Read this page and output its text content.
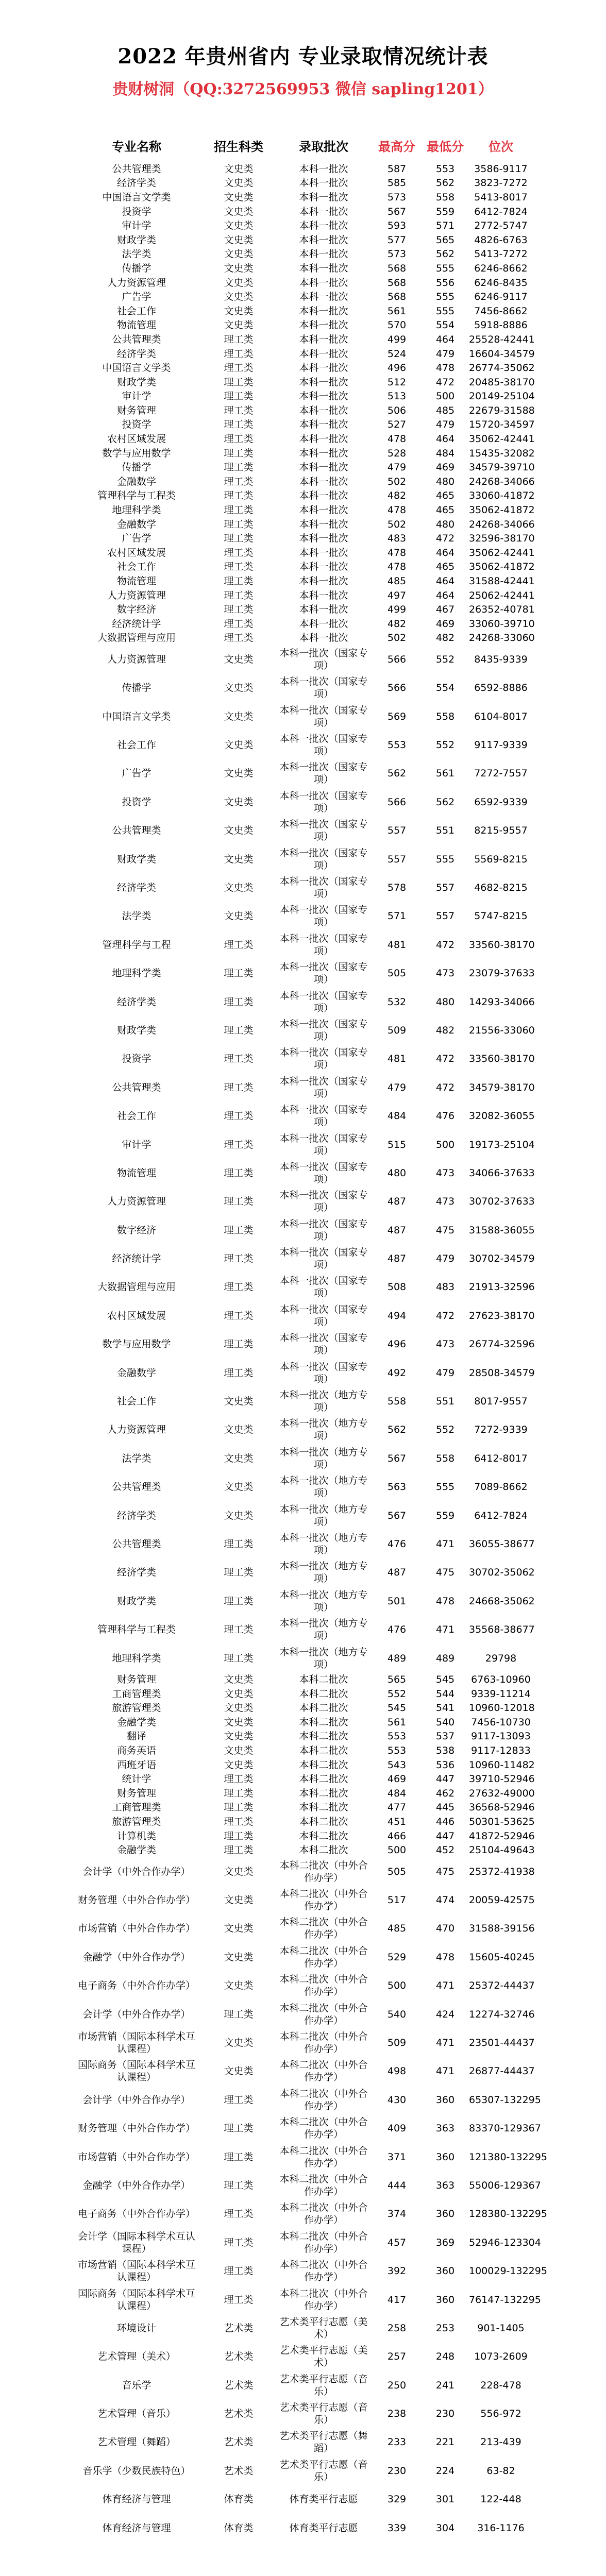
2022 年贵州省内 专业录取情况统计表
贵财树洞（QQ:3272569953 微信 sapling1201）
专业名称	招生科类	录取批次	最高分	最低分	位次
公共管理类	文史类	本科一批次	587	553	3586-9117
经济学类	文史类	本科一批次	585	562	3823-7272
中国语言文学类	文史类	本科一批次	573	558	5413-8017
投资学	文史类	本科一批次	567	559	6412-7824
审计学	文史类	本科一批次	593	571	2772-5747
财政学类	文史类	本科一批次	577	565	4826-6763
法学类	文史类	本科一批次	573	562	5413-7272
传播学	文史类	本科一批次	568	555	6246-8662
人力资源管理	文史类	本科一批次	568	556	6246-8435
广告学	文史类	本科一批次	568	555	6246-9117
社会工作	文史类	本科一批次	561	555	7456-8662
物流管理	文史类	本科一批次	570	554	5918-8886
公共管理类	理工类	本科一批次	499	464	25528-42441
经济学类	理工类	本科一批次	524	479	16604-34579
中国语言文学类	理工类	本科一批次	496	478	26774-35062
财政学类	理工类	本科一批次	512	472	20485-38170
审计学	理工类	本科一批次	513	500	20149-25104
财务管理	理工类	本科一批次	506	485	22679-31588
投资学	理工类	本科一批次	527	479	15720-34597
农村区域发展	理工类	本科一批次	478	464	35062-42441
数学与应用数学	理工类	本科一批次	528	484	15435-32082
传播学	理工类	本科一批次	479	469	34579-39710
金融数学	理工类	本科一批次	502	480	24268-34066
管理科学与工程类	理工类	本科一批次	482	465	33060-41872
地理科学类	理工类	本科一批次	478	465	35062-41872
金融数学	理工类	本科一批次	502	480	24268-34066
广告学	理工类	本科一批次	483	472	32596-38170
农村区域发展	理工类	本科一批次	478	464	35062-42441
社会工作	理工类	本科一批次	478	465	35062-41872
物流管理	理工类	本科一批次	485	464	31588-42441
人力资源管理	理工类	本科一批次	497	464	25062-42441
数字经济	理工类	本科一批次	499	467	26352-40781
经济统计学	理工类	本科一批次	482	469	33060-39710
大数据管理与应用	理工类	本科一批次	502	482	24268-33060
人力资源管理	文史类	本科一批次（国家专项）	566	552	8435-9339
传播学	文史类	本科一批次（国家专项）	566	554	6592-8886
中国语言文学类	文史类	本科一批次（国家专项）	569	558	6104-8017
社会工作	文史类	本科一批次（国家专项）	553	552	9117-9339
广告学	文史类	本科一批次（国家专项）	562	561	7272-7557
投资学	文史类	本科一批次（国家专项）	566	562	6592-9339
公共管理类	文史类	本科一批次（国家专项）	557	551	8215-9557
财政学类	文史类	本科一批次（国家专项）	557	555	5569-8215
经济学类	文史类	本科一批次（国家专项）	578	557	4682-8215
法学类	文史类	本科一批次（国家专项）	571	557	5747-8215
管理科学与工程	理工类	本科一批次（国家专项）	481	472	33560-38170
地理科学类	理工类	本科一批次（国家专项）	505	473	23079-37633
经济学类	理工类	本科一批次（国家专项）	532	480	14293-34066
财政学类	理工类	本科一批次（国家专项）	509	482	21556-33060
投资学	理工类	本科一批次（国家专项）	481	472	33560-38170
公共管理类	理工类	本科一批次（国家专项）	479	472	34579-38170
社会工作	理工类	本科一批次（国家专项）	484	476	32082-36055
审计学	理工类	本科一批次（国家专项）	515	500	19173-25104
物流管理	理工类	本科一批次（国家专项）	480	473	34066-37633
人力资源管理	理工类	本科一批次（国家专项）	487	473	30702-37633
数字经济	理工类	本科一批次（国家专项）	487	475	31588-36055
经济统计学	理工类	本科一批次（国家专项）	487	479	30702-34579
大数据管理与应用	理工类	本科一批次（国家专项）	508	483	21913-32596
农村区域发展	理工类	本科一批次（国家专项）	494	472	27623-38170
数学与应用数学	理工类	本科一批次（国家专项）	496	473	26774-32596
金融数学	理工类	本科一批次（国家专项）	492	479	28508-34579
社会工作	文史类	本科一批次（地方专项）	558	551	8017-9557
人力资源管理	文史类	本科一批次（地方专项）	562	552	7272-9339
法学类	文史类	本科一批次（地方专项）	567	558	6412-8017
公共管理类	文史类	本科一批次（地方专项）	563	555	7089-8662
经济学类	文史类	本科一批次（地方专项）	567	559	6412-7824
公共管理类	理工类	本科一批次（地方专项）	476	471	36055-38677
经济学类	理工类	本科一批次（地方专项）	487	475	30702-35062
财政学类	理工类	本科一批次（地方专项）	501	478	24668-35062
管理科学与工程类	理工类	本科一批次（地方专项）	476	471	35568-38677
地理科学类	理工类	本科一批次（地方专项）	489	489	29798
财务管理	文史类	本科二批次	565	545	6763-10960
工商管理类	文史类	本科二批次	552	544	9339-11214
旅游管理类	文史类	本科二批次	545	541	10960-12018
金融学类	文史类	本科二批次	561	540	7456-10730
翻译	文史类	本科二批次	553	537	9117-13093
商务英语	文史类	本科二批次	553	538	9117-12833
西班牙语	文史类	本科二批次	543	536	10960-11482
统计学	理工类	本科二批次	469	447	39710-52946
财务管理	理工类	本科二批次	484	462	27632-49000
工商管理类	理工类	本科二批次	477	445	36568-52946
旅游管理类	理工类	本科二批次	451	446	50301-53625
计算机类	理工类	本科二批次	466	447	41872-52946
金融学类	理工类	本科二批次	500	452	25104-49643
会计学（中外合作办学）	文史类	本科二批次（中外合作办学）	505	475	25372-41938
财务管理（中外合作办学）	文史类	本科二批次（中外合作办学）	517	474	20059-42575
市场营销（中外合作办学）	文史类	本科二批次（中外合作办学）	485	470	31588-39156
金融学（中外合作办学）	文史类	本科二批次（中外合作办学）	529	478	15605-40245
电子商务（中外合作办学）	文史类	本科二批次（中外合作办学）	500	471	25372-44437
会计学（中外合作办学）	理工类	本科二批次（中外合作办学）	540	424	12274-32746
市场营销（国际本科学术互认课程）	文史类	本科二批次（中外合作办学）	509	471	23501-44437
国际商务（国际本科学术互认课程）	文史类	本科二批次（中外合作办学）	498	471	26877-44437
会计学（中外合作办学）	理工类	本科二批次（中外合作办学）	430	360	65307-132295
财务管理（中外合作办学）	理工类	本科二批次（中外合作办学）	409	363	83370-129367
市场营销（中外合作办学）	理工类	本科二批次（中外合作办学）	371	360	121380-132295
金融学（中外合作办学）	理工类	本科二批次（中外合作办学）	444	363	55006-129367
电子商务（中外合作办学）	理工类	本科二批次（中外合作办学）	374	360	128380-132295
会计学（国际本科学术互认课程）	理工类	本科二批次（中外合作办学）	457	369	52946-123304
市场营销（国际本科学术互认课程）	理工类	本科二批次（中外合作办学）	392	360	100029-132295
国际商务（国际本科学术互认课程）	理工类	本科二批次（中外合作办学）	417	360	76147-132295
环境设计	艺术类	艺术类平行志愿（美术）	258	253	901-1405
艺术管理（美术）	艺术类	艺术类平行志愿（美术）	257	248	1073-2609
音乐学	艺术类	艺术类平行志愿（音乐）	250	241	228-478
艺术管理（音乐）	艺术类	艺术类平行志愿（音乐）	238	230	556-972
艺术管理（舞蹈）	艺术类	艺术类平行志愿（舞蹈）	233	221	213-439
音乐学（少数民族特色）	艺术类	艺术类平行志愿（音乐）	230	224	63-82
体育经济与管理	体育类	体育类平行志愿	329	301	122-448
体育经济与管理	体育类	体育类平行志愿	339	304	316-1176
